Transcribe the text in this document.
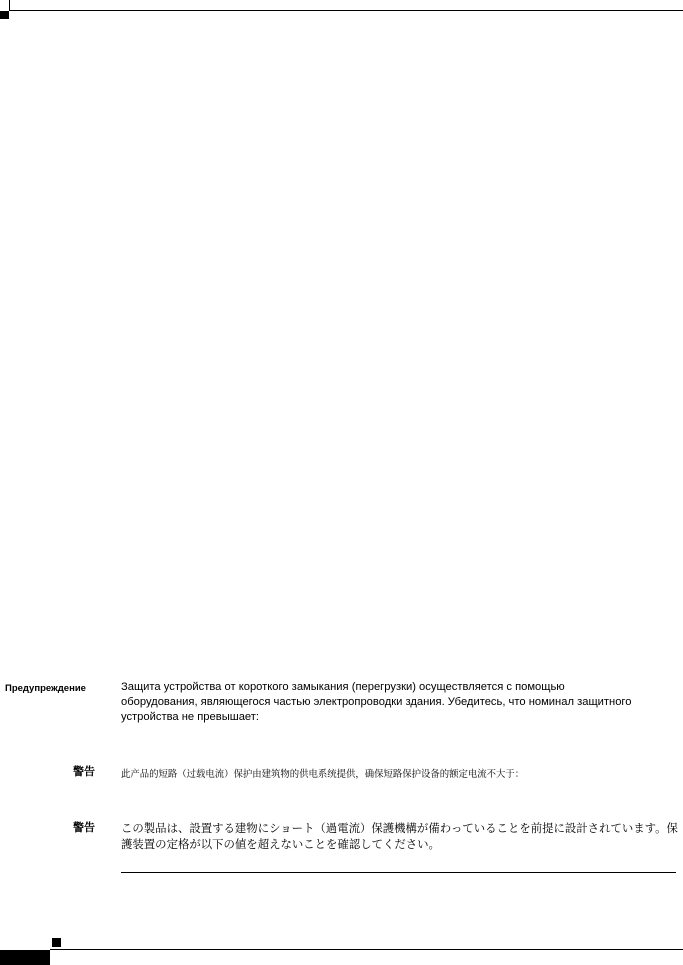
Предупреждение	Защита устройства от короткого замыкания (перегрузки) осуществляется с помощью оборудования, являющегося частью электропроводки здания. Убедитесь, что номинал защитного устройства не превышает:
警告	此产品的短路（过载电流）保护由建筑物的供电系统提供，确保短路保护设备的额定电流不大于：
警告 この製品は、設置する建物にショート（過電流）保護機構が備わっていることを前提に設計されています。保護装置の定格が以下の値を超えないことを確認してください。
